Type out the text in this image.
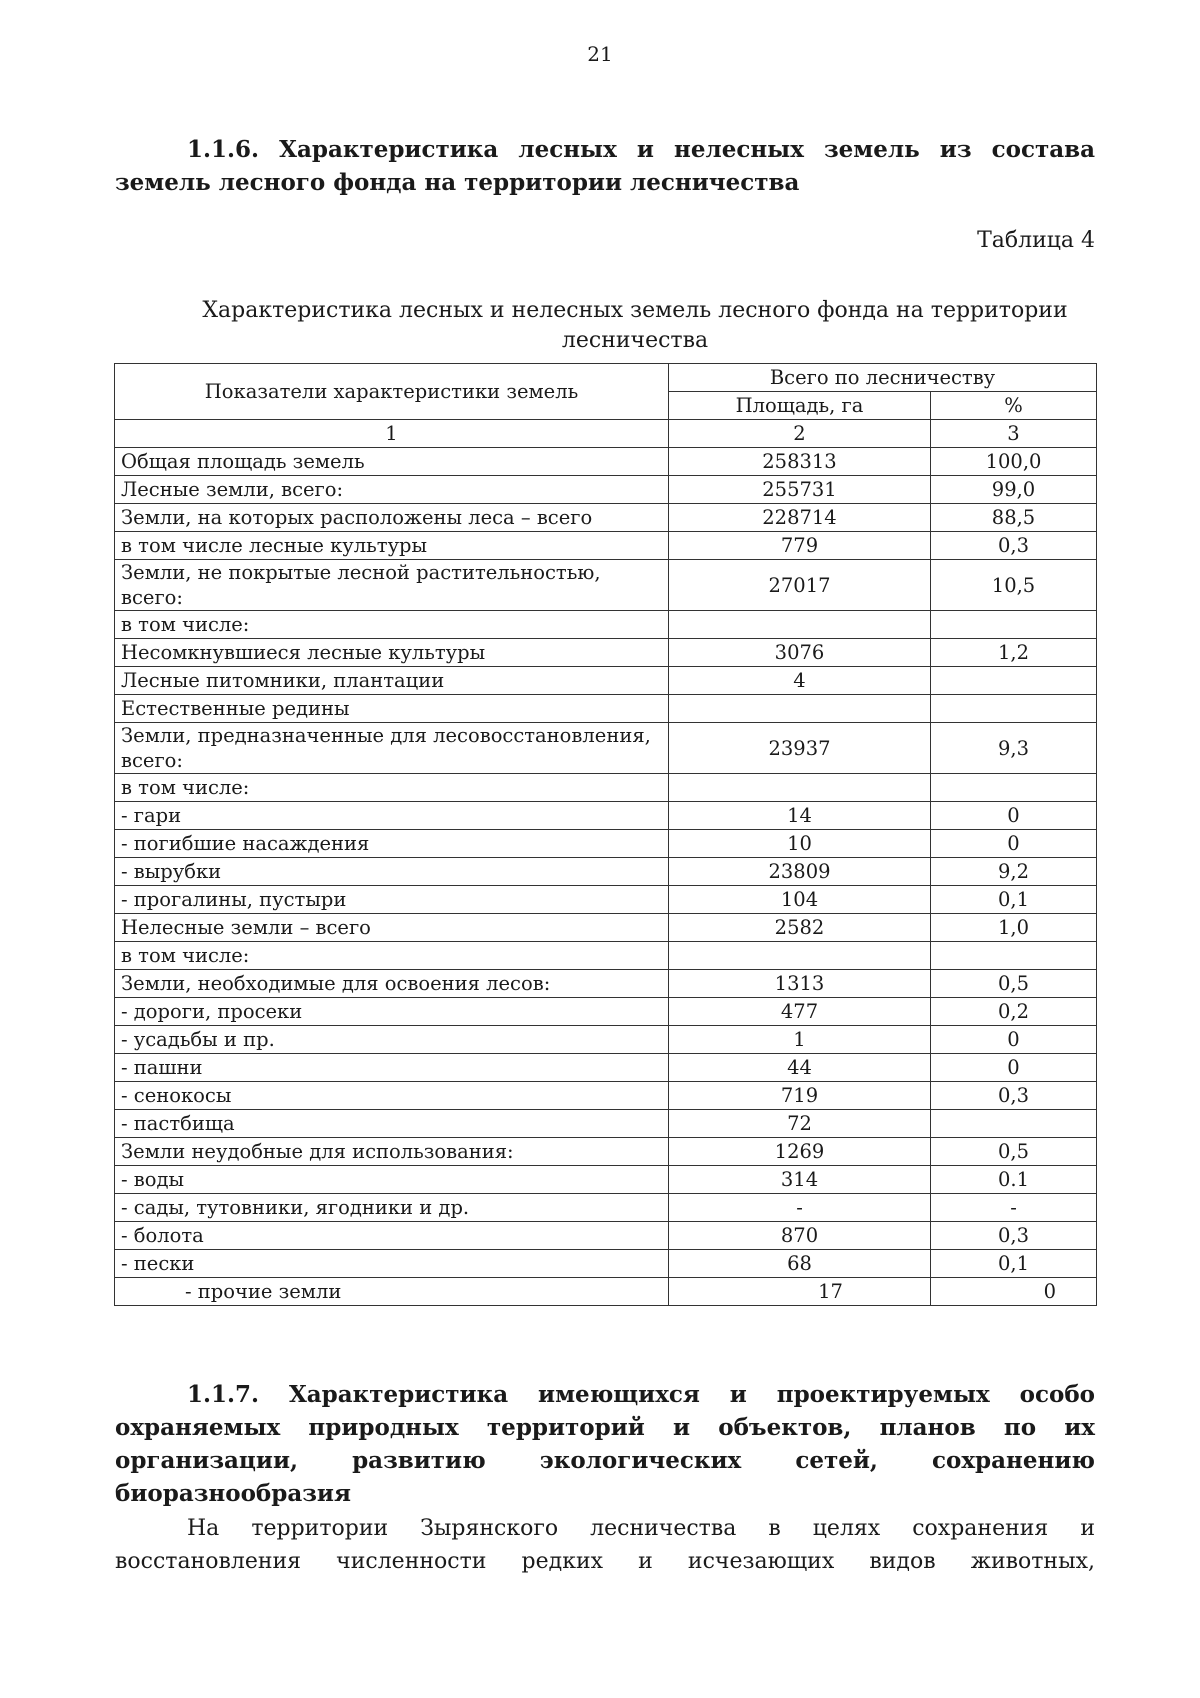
21

1.1.6. Характеристика лесных и нелесных земель из состава земель лесного фонда на территории лесничества

Таблица 4

Характеристика лесных и нелесных земель лесного фонда на территории лесничества

Показатели характеристики земель	Всего по лесничеству	
	Площадь, га	%
1	2	3
Общая площадь земель	258313	100,0
Лесные земли, всего:	255731	99,0
Земли, на которых расположены леса – всего	228714	88,5
в том числе лесные культуры	779	0,3
Земли, не покрытые лесной растительностью, всего:	27017	10,5
в том числе:		
Несомкнувшиеся лесные культуры	3076	1,2
Лесные питомники, плантации	4	
Естественные редины		
Земли, предназначенные для лесовосстановления, всего:	23937	9,3
в том числе:		
- гари	14	0
- погибшие насаждения	10	0
- вырубки	23809	9,2
- прогалины, пустыри	104	0,1
Нелесные земли – всего	2582	1,0
в том числе:		
Земли, необходимые для освоения лесов:	1313	0,5
- дороги, просеки	477	0,2
- усадьбы и пр.	1	0
- пашни	44	0
- сенокосы	719	0,3
- пастбища	72	
Земли неудобные для использования:	1269	0,5
- воды	314	0.1
- сады, тутовники, ягодники и др.	-	-
- болота	870	0,3
- пески	68	0,1
- прочие земли	17	0

1.1.7. Характеристика имеющихся и проектируемых особо охраняемых природных территорий и объектов, планов по их организации, развитию экологических сетей, сохранению биоразнообразия

На территории Зырянского лесничества в целях сохранения и восстановления численности редких и исчезающих видов животных,
